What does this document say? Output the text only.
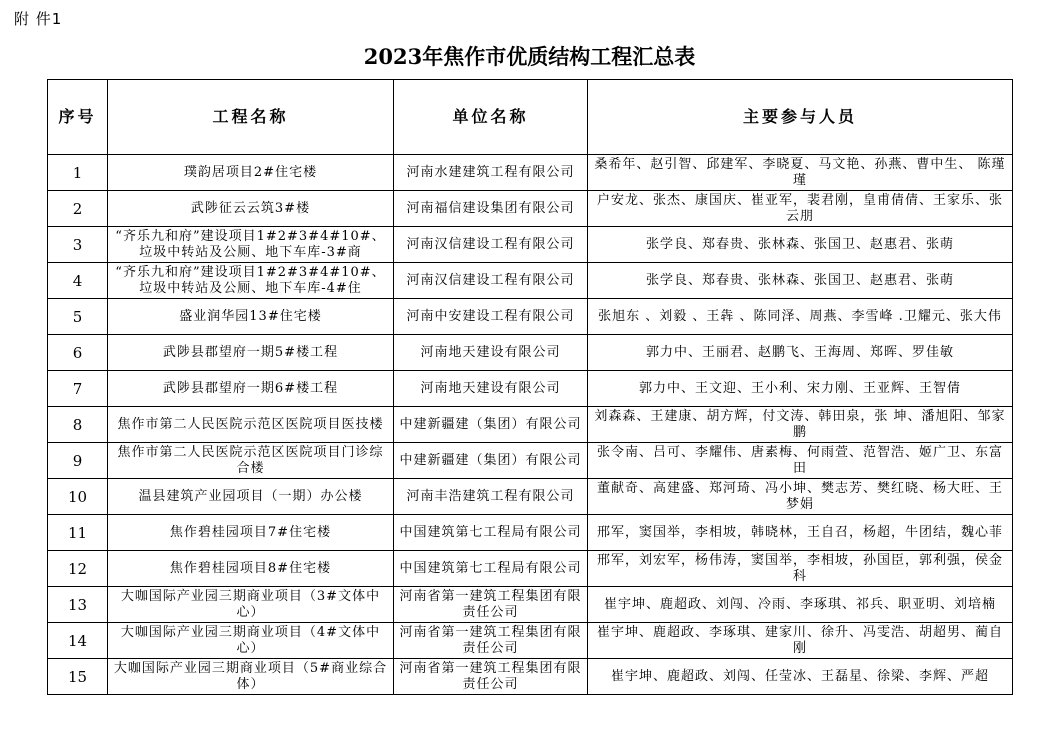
附 件1
2023年焦作市优质结构工程汇总表
序号	工程名称	单位名称	主要参与人员
1	璞韵居项目2#住宅楼	河南水建建筑工程有限公司	桑希年、赵引智、邱建军、李晓夏、马文艳、孙燕、曹中生、 陈瑾瑾
2	武陟征云云筑3#楼	河南福信建设集团有限公司	户安龙、张杰、康国庆、崔亚军，裴君刚，皇甫倩倩、王家乐、张云朋
3	“齐乐九和府”建设项目1#2#3#4#10#、垃圾中转站及公厕、地下车库-3#商	河南汉信建设工程有限公司	张学良、郑春贵、张林森、张国卫、赵惠君、张萌
4	“齐乐九和府”建设项目1#2#3#4#10#、垃圾中转站及公厕、地下车库-4#住	河南汉信建设工程有限公司	张学良、郑春贵、张林森、张国卫、赵惠君、张萌
5	盛业润华园13#住宅楼	河南中安建设工程有限公司	张旭东 、刘毅 、王犇 、陈同泽、周燕、李雪峰 .卫耀元、张大伟
6	武陟县郡望府一期5#楼工程	河南地天建设有限公司	郭力中、王丽君、赵鹏飞、王海周、郑晖、罗佳敏
7	武陟县郡望府一期6#楼工程	河南地天建设有限公司	郭力中、王文迎、王小利、宋力刚、王亚辉、王智倩
8	焦作市第二人民医院示范区医院项目医技楼	中建新疆建（集团）有限公司	刘森森、王建康、胡方辉，付文涛、韩田泉，张 坤、潘旭阳、邹家鹏
9	焦作市第二人民医院示范区医院项目门诊综合楼	中建新疆建（集团）有限公司	张令南、吕可、李耀伟、唐素梅、何雨萱、范智浩、姬广卫、东富田
10	温县建筑产业园项目（一期）办公楼	河南丰浩建筑工程有限公司	董献奇、高建盛、郑河琦、冯小坤、樊志芳、樊红晓、杨大旺、王梦娟
11	焦作碧桂园项目7#住宅楼	中国建筑第七工程局有限公司	邢军，窦国举，李相坡，韩晓林，王自召，杨超，牛团结，魏心菲
12	焦作碧桂园项目8#住宅楼	中国建筑第七工程局有限公司	邢军，刘宏军，杨伟涛，窦国举，李相坡，孙国臣，郭利强，侯金科
13	大咖国际产业园三期商业项目（3#文体中心）	河南省第一建筑工程集团有限责任公司	崔宇坤、鹿超政、刘闯、冷雨、李琢琪、祁兵、职亚明、刘培楠
14	大咖国际产业园三期商业项目（4#文体中心）	河南省第一建筑工程集团有限责任公司	崔宇坤、鹿超政、李琢琪、建家川、徐升、冯雯浩、胡超男、蔺自刚
15	大咖国际产业园三期商业项目（5#商业综合体）	河南省第一建筑工程集团有限责任公司	崔宇坤、鹿超政、刘闯、任莹冰、王磊星、徐梁、李辉、严超
